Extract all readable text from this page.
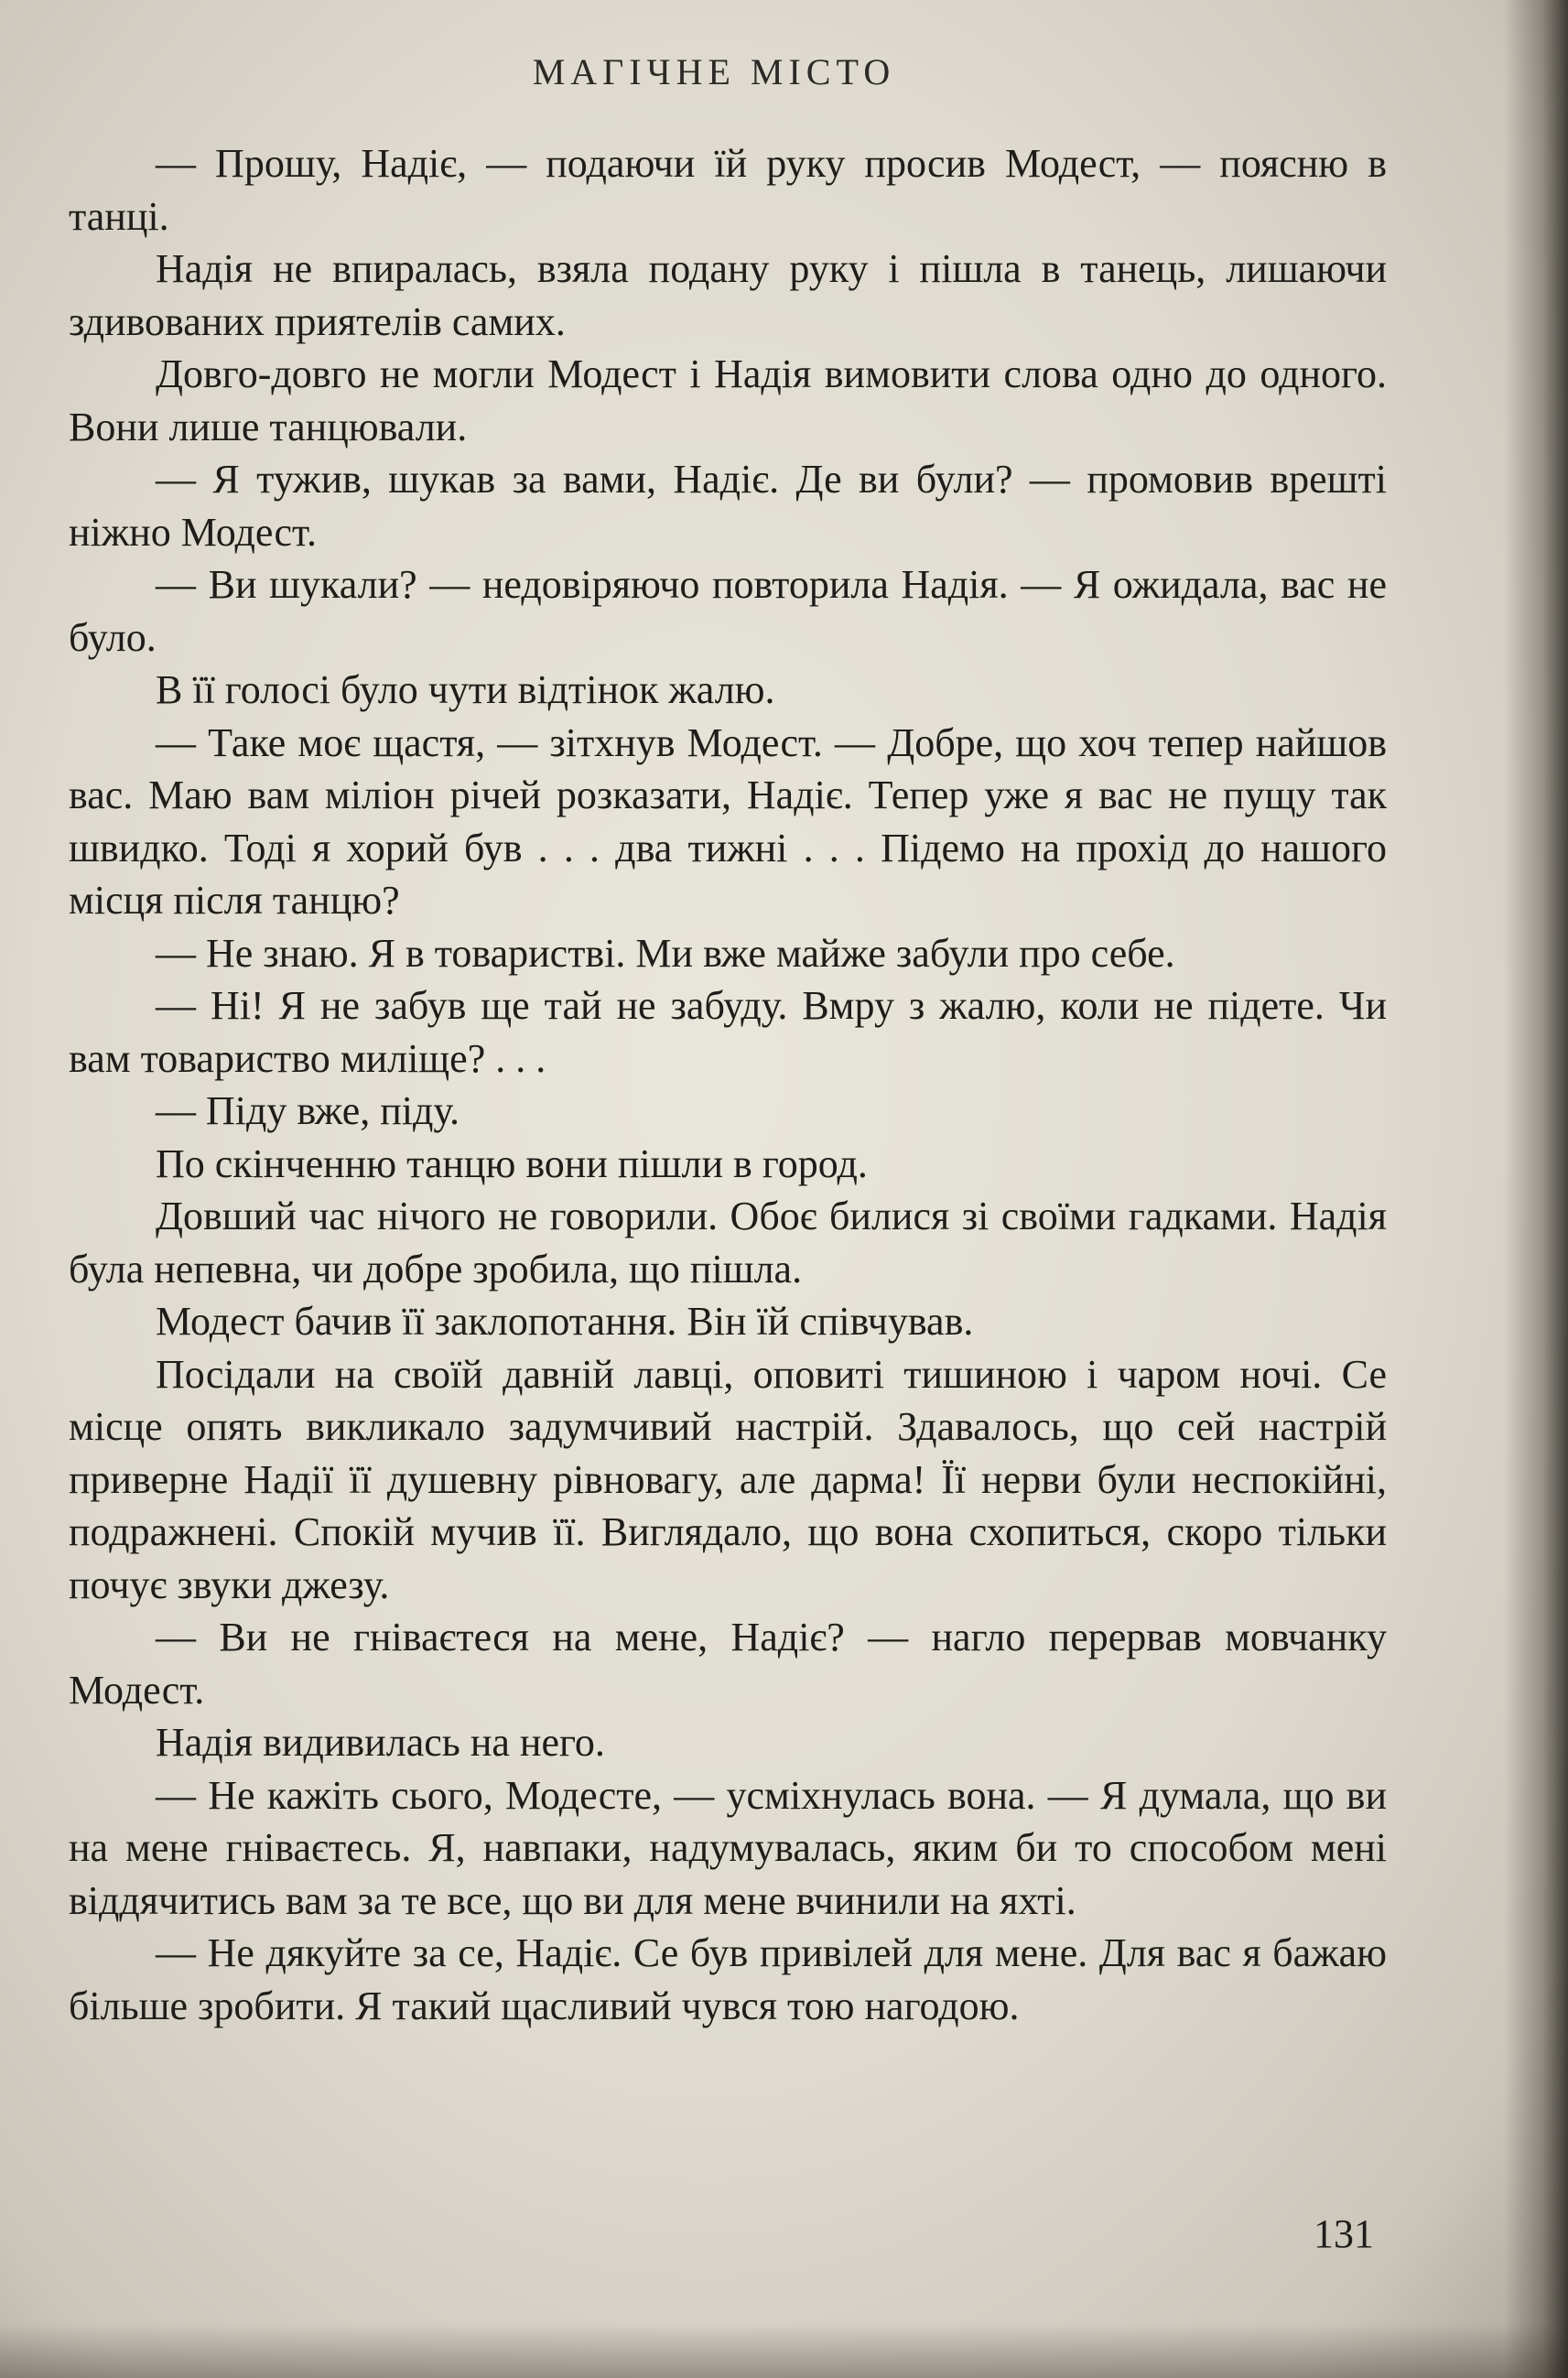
МАГІЧНЕ МІСТО

— Прошу, Надіє, — подаючи їй руку просив Модест, — поясню в танці.

Надія не впиралась, взяла подану руку і пішла в танець, лишаючи здивованих приятелів самих.

Довго-довго не могли Модест і Надія вимовити слова одно до одного. Вони лише танцювали.

— Я тужив, шукав за вами, Надіє. Де ви були? — промовив врешті ніжно Модест.

— Ви шукали? — недовіряючо повторила Надія. — Я ожидала, вас не було.

В її голосі було чути відтінок жалю.

— Таке моє щастя, — зітхнув Модест. — Добре, що хоч тепер найшов вас. Маю вам міліон річей розказати, Надіє. Тепер уже я вас не пущу так швидко. Тоді я хорий був . . . два тижні . . . Підемо на прохід до нашого місця після танцю?

— Не знаю. Я в товаристві. Ми вже майже забули про себе.

— Ні! Я не забув ще тай не забуду. Вмру з жалю, коли не підете. Чи вам товариство миліще? . . .

— Піду вже, піду.

По скінченню танцю вони пішли в город.

Довший час нічого не говорили. Обоє билися зі своїми гадками. Надія була непевна, чи добре зробила, що пішла.

Модест бачив її заклопотання. Він їй співчував.

Посідали на своїй давній лавці, оповиті тишиною і чаром ночі. Се місце опять викликало задумчивий настрій. Здавалось, що сей настрій приверне Надії її душевну рівновагу, але дарма! Її нерви були неспокійні, подражнені. Спокій мучив її. Виглядало, що вона схопиться, скоро тільки почує звуки джезу.

— Ви не гніваєтеся на мене, Надіє? — нагло перервав мовчанку Модест.

Надія видивилась на него.

— Не кажіть сього, Модесте, — усміхнулась вона. — Я думала, що ви на мене гніваєтесь. Я, навпаки, надумувалась, яким би то способом мені віддячитись вам за те все, що ви для мене вчинили на яхті.

— Не дякуйте за се, Надіє. Се був привілей для мене. Для вас я бажаю більше зробити. Я такий щасливий чувся тою нагодою.

131
